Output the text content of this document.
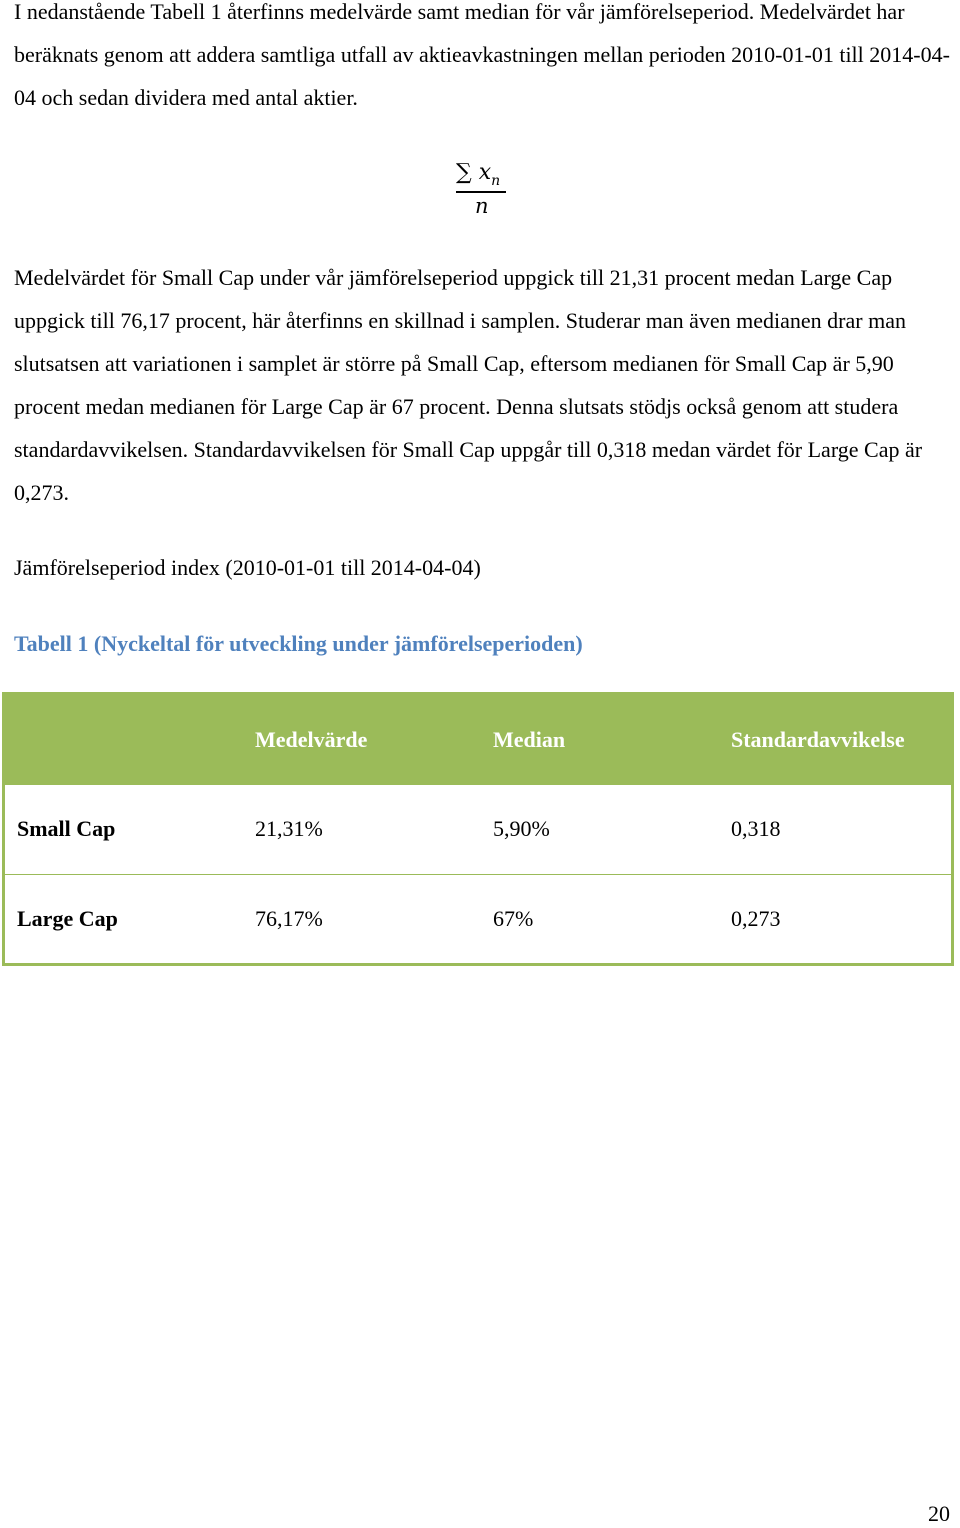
I nedanstående Tabell 1 återfinns medelvärde samt median för vår jämförelseperiod. Medelvärdet har beräknats genom att addera samtliga utfall av aktieavkastningen mellan perioden 2010-01-01 till 2014-04-04 och sedan dividera med antal aktier.

∑ $x_n$
n

Medelvärdet för Small Cap under vår jämförelseperiod uppgick till 21,31 procent medan Large Cap uppgick till 76,17 procent, här återfinns en skillnad i samplen. Studerar man även medianen drar man slutsatsen att variationen i samplet är större på Small Cap, eftersom medianen för Small Cap är 5,90 procent medan medianen för Large Cap är 67 procent. Denna slutsats stödjs också genom att studera standardavvikelsen. Standardavvikelsen för Small Cap uppgår till 0,318 medan värdet för Large Cap är 0,273.

Jämförelseperiod index (2010-01-01 till 2014-04-04)

Tabell 1 (Nyckeltal för utveckling under jämförelseperioden)

	Medelvärde	Median	Standardavvikelse
Small Cap	21,31%	5,90%	0,318
Large Cap	76,17%	67%	0,273
20
